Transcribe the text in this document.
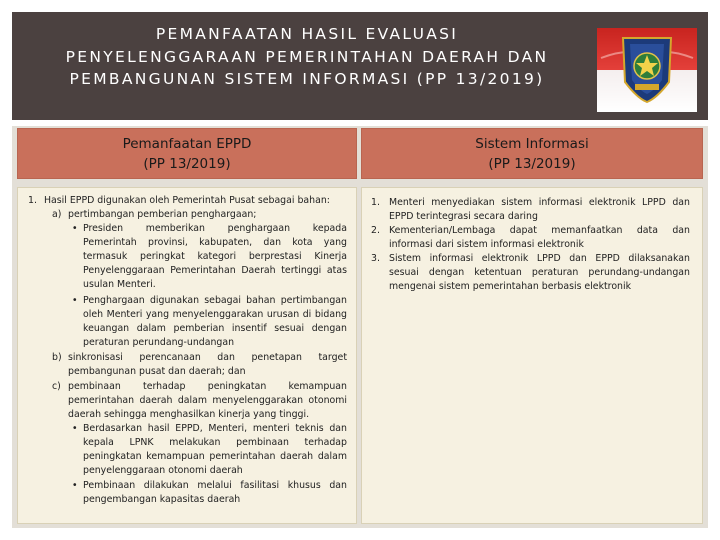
PEMANFAATAN HASIL EVALUASI
PENYELENGGARAAN PEMERINTAHAN DAERAH DAN
PEMBANGUNAN SISTEM INFORMASI (PP 13/2019)
Pemanfaatan EPPD
(PP 13/2019)
Sistem Informasi
(PP 13/2019)
1. Hasil EPPD digunakan oleh Pemerintah Pusat sebagai bahan:
a) pertimbangan pemberian penghargaan;
• Presiden memberikan penghargaan kepada
Pemerintah provinsi, kabupaten, dan kota yang
termasuk peringkat kategori berprestasi Kinerja
Penyelenggaraan Pemerintahan Daerah tertinggi atas
usulan Menteri.
• Penghargaan digunakan sebagai bahan pertimbangan
oleh Menteri yang menyelenggarakan urusan di bidang
keuangan dalam pemberian insentif sesuai dengan
peraturan perundang-undangan
b) sinkronisasi perencanaan dan penetapan target
pembangunan pusat dan daerah; dan
c) pembinaan terhadap peningkatan kemampuan
pemerintahan daerah dalam menyelenggarakan otonomi
daerah sehingga menghasilkan kinerja yang tinggi.
• Berdasarkan hasil EPPD, Menteri, menteri teknis dan
kepala LPNK melakukan pembinaan terhadap
peningkatan kemampuan pemerintahan daerah dalam
penyelenggaraan otonomi daerah
• Pembinaan dilakukan melalui fasilitasi khusus dan
pengembangan kapasitas daerah
1. Menteri menyediakan sistem informasi elektronik LPPD dan
EPPD terintegrasi secara daring
2. Kementerian/Lembaga dapat memanfaatkan data dan
informasi dari sistem informasi elektronik
3. Sistem informasi elektronik LPPD dan EPPD dilaksanakan
sesuai dengan ketentuan peraturan perundang-undangan
mengenai sistem pemerintahan berbasis elektronik
